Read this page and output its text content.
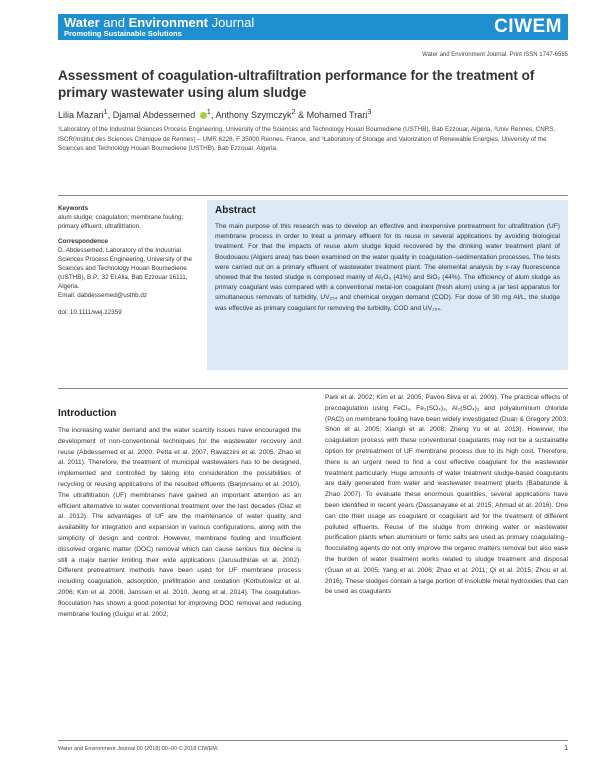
Water and Environment Journal
Promoting Sustainable Solutions	CIWEM
Water and Environment Journal. Print ISSN 1747-6585
Assessment of coagulation-ultrafiltration performance for the treatment of primary wastewater using alum sludge
Lilia Mazari$^1$, Djamal Abdessemed $^1$, Anthony Szymczyk$^2$ & Mohamed Trari$^3$

¹Laboratory of the Industrial Sciences Process Engineering, University of the Sciences and Technology Houari Boumediene (USTHB), Bab Ezzouar, Algeria, ²Univ Rennes, CNRS, ISCR(Institut des Sciences Chimique de Rennes) – UMR 6226, F 35000 Rennes, France, and ³Laboratory of Storage and Valorization of Renewable Energies, University of the Sciences and Technology Houari Boumediene (USTHB), Bab Ezzouar, Algeria.

Keywords
alum sludge; coagulation; membrane fouling; primary effluent; ultrafiltration.
Correspondence
D. Abdessemed, Laboratory of the Industrial Sciences Process Engineering, University of the Sciences and Technology Houari Boumediene (USTHB), B.P., 32 El Alia, Bab Ezzouar 16111, Algeria.
Email: dabdessemed@usthb.dz
doi: 10.1111/wej.12359
Abstract

The main purpose of this research was to develop an effective and inexpensive pretreatment for ultrafiltration (UF) membrane process in order to treat a primary effluent for its reuse in several applications by avoiding biological treatment. For that the impacts of reuse alum sludge liquid recovered by the drinking water treatment plant of Boudouaou (Algiers area) has been examined on the water quality in coagulation–sedimentation processes. The tests were carried out on a primary effluent of wastewater treatment plant. The elemental analysis by x-ray fluorescence showed that the tested sludge is composed mainly of Al₂O₃ (41%) and SiO₂ (44%). The efficiency of alum sludge as primary coagulant was compared with a conventional metal-ion coagulant (fresh alum) using a jar test apparatus for simultaneous removals of turbidity, UV₂₅₄ and chemical oxygen demand (COD). For dose of 30 mg Al/L, the sludge was effective as primary coagulant for removing the turbidity, COD and UV₂₅₄.

Introduction

The increasing water demand and the water scarcity issues have encouraged the development of non-conventional techniques for the wastewater recovery and reuse (Abdessemed et al. 2000; Petta et al. 2007, Ravazzini et al. 2005, Zhao et al. 2011). Therefore, the treatment of municipal wastewaters has to be designed, implemented and controlled by taking into consideration the possibilities of recycling or reusing applications of the resulted effluents (Barjovsanu et al. 2010). The ultrafiltration (UF) membranes have gained an important attention as an efficient alternative to water conventional treatment over the last decades (Diaz et al. 2012). The advantages of UF are the maintenance of water quality and availability for integration and expansion in various configurations, along with the simplicity of design and control. However, membrane fouling and insufficient dissolved organic matter (DOC) removal which can cause serious flux decline is still a major barrier limiting their wide applications (Jarusutthirak et al. 2002). Different pretreatment methods have been used for UF membrane process including coagulation, adsorption, prefiltration and oxidation (Korbutowicz et al. 2006; Kim et al. 2008, Janssen et al. 2010, Jeong et al. 2014). The coagulation-flocculation has shown a good potential for improving DOC removal and reducing membrane fouling (Guigui et al. 2002;

Park et al. 2002; Kim et al. 2005; Pavon-Silva et al. 2009). The practical effects of precoagulation using FeCl₃, Fe₂(SO₄)₃, Al₂(SO₄)₃ and polyaluminum chloride (PACl) on membrane fouling have been widely investigated (Duan & Gregory 2003; Shon et al. 2005; Xiangli et al. 2008; Zheng Yu et al. 2013). However, the coagulation process with these conventional coagulants may not be a sustainable option for pretreatment of UF membrane process due to its high cost. Therefore, there is an urgent need to find a cost effective coagulant for the wastewater treatment particularly. Huge amounts of water treatment sludge-based coagulants are daily generated from water and wastewater treatment plants (Babatunde & Zhao 2007). To evaluate these enormous quantities, several applications have been identified in recent years (Dassanayake et al. 2015; Ahmad et al. 2016). One can cite their usage as coagulant or coagulant aid for the treatment of different polluted effluents. Reuse of the sludge from drinking water or wastewater purification plants when aluminium or ferric salts are used as primary coagulating–flocculating agents do not only improve the organic matters removal but also ease the burden of water treatment works related to sludge treatment and disposal (Guan et al. 2005; Yang et al. 2006; Zhao et al. 2011; Qi et al. 2015; Zhou et al. 2016). These sludges contain a large portion of insoluble metal hydroxides that can be used as coagulants

Water and Environment Journal 00 (2018) 00–00 © 2018 CIWEM.	1
